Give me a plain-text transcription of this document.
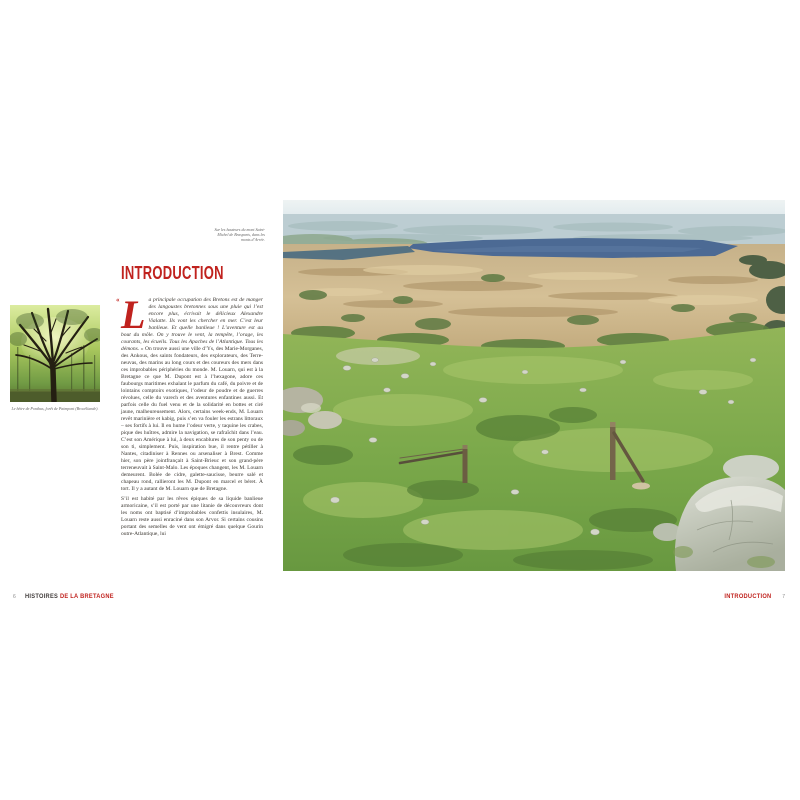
Le hêtre de Ponthus, forêt de Paimpont (Brocéliande).
INTRODUCTION
« La principale occupation des Bretons est de manger des langoustes bretonnes sous une pluie qui l’est encore plus, écrivait le délicieux Alexandre Vialatte. Ils vont les chercher en mer. C’est leur banlieue. Et quelle banlieue ! L’aventure est au bout du môle. On y trouve le vent, la tempête, l’orage, les courants, les écueils. Tous les Apaches de l’Atlantique. Tous les démons. » On trouve aussi une ville d’Ys, des Marie-Morganes, des Ankous, des saints fondateurs, des explorateurs, des Terre-neuvas, des marins au long cours et des coureurs des mers dans ces improbables périphéries du monde. M. Louarn, qui est à la Bretagne ce que M. Dupont est à l’hexagone, adore ces faubourgs maritimes exhalant le parfum du café, du poivre et de lointains comptoirs exotiques, l’odeur de poudre et de guerres révolues, celle du varech et des aventures enfantines aussi. Et parfois celle du fuel venu et de la solidarité en bottes et ciré jaune, malheureusement. Alors, certains week-ends, M. Louarn revêt marinière et kabig, puis s’en va fouler les estrans littoraux – ses fortifs à lui. Il en hume l’odeur verte, y taquine les crabes, pique des huîtres, admire la navigation, se rafraîchit dans l’eau. C’est son Amérique à lui, à deux encablures de son penty ou de son ti, simplement. Puis, inspiration bue, il rentre pétiller à Nantes, citadiniser à Rennes ou arsenaliser à Brest. Comme hier, son père jointfrançait à Saint-Brieuc et son grand-père terreneuvait à Saint-Malo. Les époques changent, les M. Louarn demeurent. Bolée de cidre, galette-saucisse, beurre salé et chapeau rond, rallieront les M. Dupont en marcel et béret. À tort. Il y a autant de M. Louarn que de Bretagne.

S’il est habité par les rêves épiques de sa liquide banlieue armoricaine, s’il est porté par une litanie de découvreurs dont les noms ont baptisé d’improbables confettis insulaires, M. Louarn reste aussi enraciné dans son Arvor. Si certains cousins portant des semelles de vent ont émigré dans quelque Gourin outre-Atlantique, lui

6 HISTOIRES DE LA BRETAGNE
Sur les hauteurs du mont Saint-Michel de Brasparts, dans les monts d’Arrée.
INTRODUCTION 7
